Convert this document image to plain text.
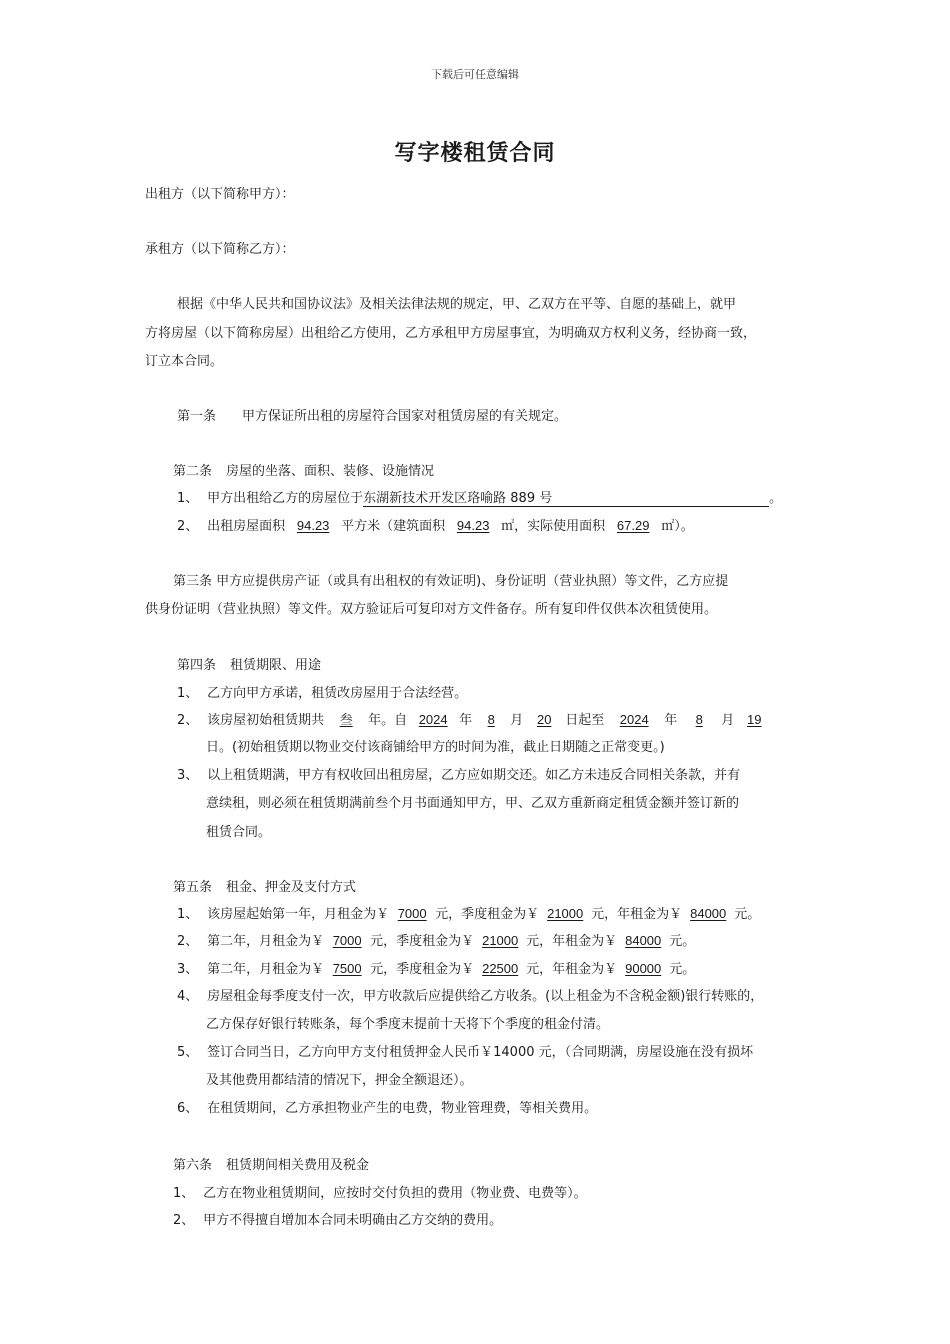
下载后可任意编辑
写字楼租赁合同
出租方（以下简称甲方）：
承租方（以下简称乙方）：
根据《中华人民共和国协议法》及相关法律法规的规定，甲、乙双方在平等、自愿的基础上，就甲
方将房屋（以下简称房屋）出租给乙方使用，乙方承租甲方房屋事宜，为明确双方权利义务，经协商一致，
订立本合同。
第一条 甲方保证所出租的房屋符合国家对租赁房屋的有关规定。
第二条 房屋的坐落、面积、装修、设施情况
1、 甲方出租给乙方的房屋位于东湖新技术开发区珞喻路 889 号	。
2、 出租房屋面积 94.23 平方米（建筑面积 94.23 ㎡，实际使用面积 67.29 ㎡）。
第三条 甲方应提供房产证（或具有出租权的有效证明)、身份证明（营业执照）等文件，乙方应提
供身份证明（营业执照）等文件。双方验证后可复印对方文件备存。所有复印件仅供本次租赁使用。
第四条 租赁期限、用途
1、 乙方向甲方承诺，租赁改房屋用于合法经营。
2、 该房屋初始租赁期共 叁 年。自 2024 年 8 月 20 日起至 2024 年 8 月 19
日。(初始租赁期以物业交付该商铺给甲方的时间为准，截止日期随之正常变更。)
3、 以上租赁期满，甲方有权收回出租房屋，乙方应如期交还。如乙方未违反合同相关条款，并有
意续租，则必须在租赁期满前叁个月书面通知甲方，甲、乙双方重新商定租赁金额并签订新的
租赁合同。
第五条 租金、押金及支付方式
1、 该房屋起始第一年，月租金为￥ 7000 元，季度租金为￥ 21000 元，年租金为￥ 84000 元。
2、 第二年，月租金为￥ 7000 元，季度租金为￥ 21000 元，年租金为￥ 84000 元。
3、 第二年，月租金为￥ 7500 元，季度租金为￥ 22500 元，年租金为￥ 90000 元。
4、 房屋租金每季度支付一次，甲方收款后应提供给乙方收条。(以上租金为不含税金额)银行转账的，
乙方保存好银行转账条，每个季度末提前十天将下个季度的租金付清。
5、 签订合同当日，乙方向甲方支付租赁押金人民币￥14000 元，（合同期满，房屋设施在没有损坏
及其他费用都结清的情况下，押金全额退还）。
6、 在租赁期间，乙方承担物业产生的电费，物业管理费，等相关费用。
第六条 租赁期间相关费用及税金
1、 乙方在物业租赁期间，应按时交付负担的费用（物业费、电费等）。
2、 甲方不得擅自增加本合同未明确由乙方交纳的费用。
